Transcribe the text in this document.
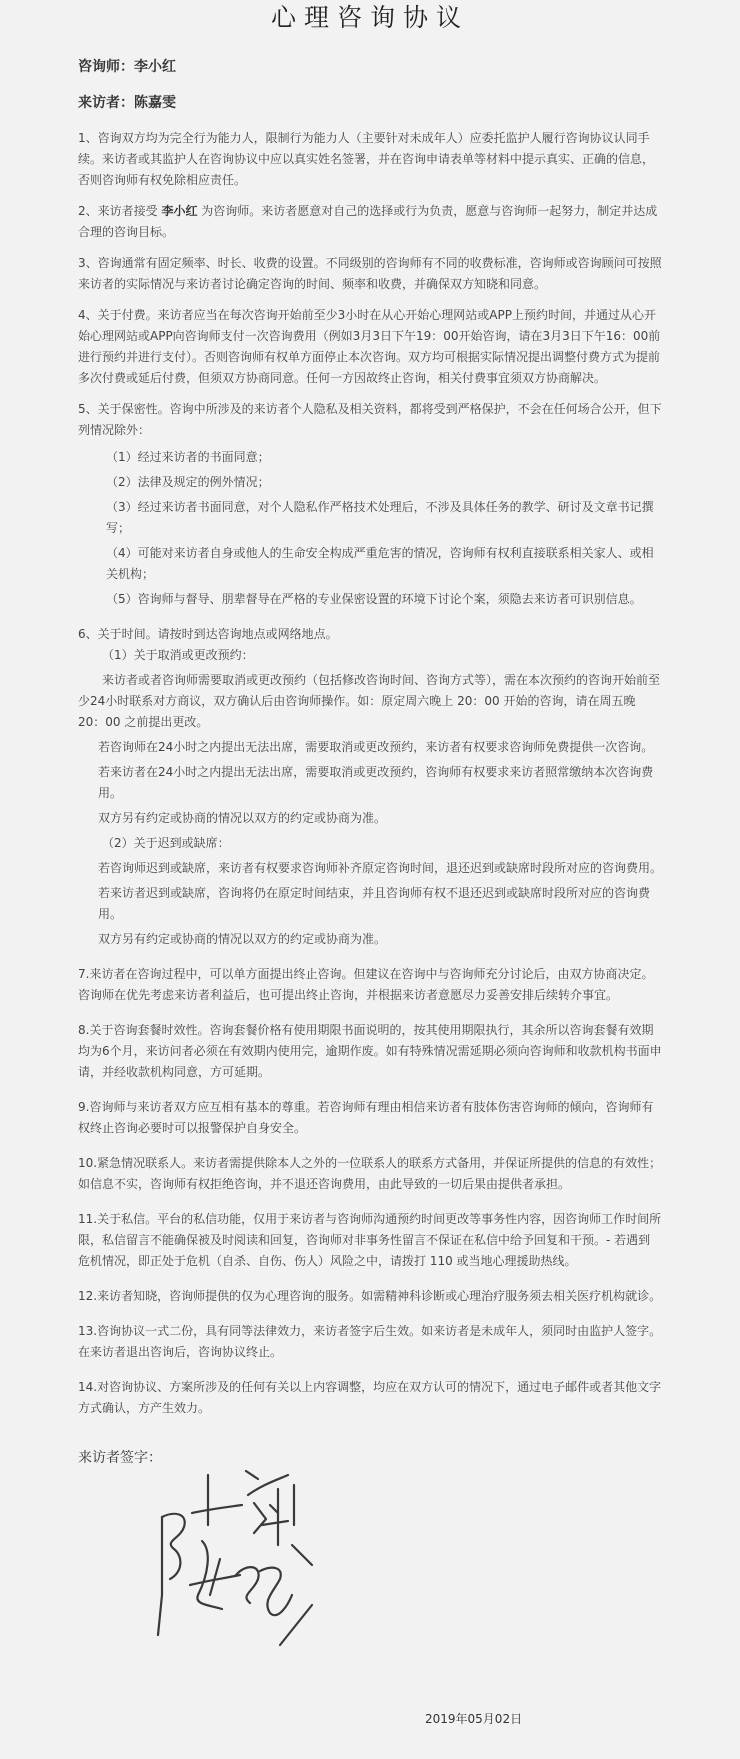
心理咨询协议
咨询师：李小红
来访者：陈嘉雯
1、咨询双方均为完全行为能力人，限制行为能力人（主要针对未成年人）应委托监护人履行咨询协议认同手续。来访者或其监护人在咨询协议中应以真实姓名签署，并在咨询申请表单等材料中提示真实、正确的信息，否则咨询师有权免除相应责任。
2、来访者接受 李小红 为咨询师。来访者愿意对自己的选择或行为负责，愿意与咨询师一起努力，制定并达成合理的咨询目标。
3、咨询通常有固定频率、时长、收费的设置。不同级别的咨询师有不同的收费标准，咨询师或咨询顾问可按照来访者的实际情况与来访者讨论确定咨询的时间、频率和收费，并确保双方知晓和同意。
4、关于付费。来访者应当在每次咨询开始前至少3小时在从心开始心理网站或APP上预约时间，并通过从心开始心理网站或APP向咨询师支付一次咨询费用（例如3月3日下午19：00开始咨询，请在3月3日下午16：00前进行预约并进行支付）。否则咨询师有权单方面停止本次咨询。双方均可根据实际情况提出调整付费方式为提前多次付费或延后付费，但须双方协商同意。任何一方因故终止咨询，相关付费事宜须双方协商解决。
5、关于保密性。咨询中所涉及的来访者个人隐私及相关资料，都将受到严格保护，不会在任何场合公开，但下列情况除外：
（1）经过来访者的书面同意；
（2）法律及规定的例外情况；
（3）经过来访者书面同意，对个人隐私作严格技术处理后，不涉及具体任务的教学、研讨及文章书记撰写；
（4）可能对来访者自身或他人的生命安全构成严重危害的情况，咨询师有权利直接联系相关家人、或相关机构；
（5）咨询师与督导、朋辈督导在严格的专业保密设置的环境下讨论个案，须隐去来访者可识别信息。
6、关于时间。请按时到达咨询地点或网络地点。
（1）关于取消或更改预约：
来访者或者咨询师需要取消或更改预约（包括修改咨询时间、咨询方式等），需在本次预约的咨询开始前至少24小时联系对方商议，双方确认后由咨询师操作。如：原定周六晚上 20：00 开始的咨询，请在周五晚 20：00 之前提出更改。
若咨询师在24小时之内提出无法出席，需要取消或更改预约，来访者有权要求咨询师免费提供一次咨询。
若来访者在24小时之内提出无法出席，需要取消或更改预约，咨询师有权要求来访者照常缴纳本次咨询费用。
双方另有约定或协商的情况以双方的约定或协商为准。
（2）关于迟到或缺席：
若咨询师迟到或缺席，来访者有权要求咨询师补齐原定咨询时间，退还迟到或缺席时段所对应的咨询费用。
若来访者迟到或缺席，咨询将仍在原定时间结束，并且咨询师有权不退还迟到或缺席时段所对应的咨询费用。
双方另有约定或协商的情况以双方的约定或协商为准。
7.来访者在咨询过程中，可以单方面提出终止咨询。但建议在咨询中与咨询师充分讨论后，由双方协商决定。咨询师在优先考虑来访者利益后，也可提出终止咨询，并根据来访者意愿尽力妥善安排后续转介事宜。
8.关于咨询套餐时效性。咨询套餐价格有使用期限书面说明的，按其使用期限执行，其余所以咨询套餐有效期均为6个月，来访问者必须在有效期内使用完，逾期作废。如有特殊情况需延期必须向咨询师和收款机构书面申请，并经收款机构同意，方可延期。
9.咨询师与来访者双方应互相有基本的尊重。若咨询师有理由相信来访者有肢体伤害咨询师的倾向，咨询师有权终止咨询必要时可以报警保护自身安全。
10.紧急情况联系人。来访者需提供除本人之外的一位联系人的联系方式备用，并保证所提供的信息的有效性；如信息不实，咨询师有权拒绝咨询，并不退还咨询费用，由此导致的一切后果由提供者承担。
11.关于私信。平台的私信功能，仅用于来访者与咨询师沟通预约时间更改等事务性内容，因咨询师工作时间所限，私信留言不能确保被及时阅读和回复，咨询师对非事务性留言不保证在私信中给予回复和干预。- 若遇到危机情况，即正处于危机（自杀、自伤、伤人）风险之中，请拨打 110 或当地心理援助热线。
12.来访者知晓，咨询师提供的仅为心理咨询的服务。如需精神科诊断或心理治疗服务须去相关医疗机构就诊。
13.咨询协议一式二份，具有同等法律效力，来访者签字后生效。如来访者是未成年人，须同时由监护人签字。在来访者退出咨询后，咨询协议终止。
14.对咨询协议、方案所涉及的任何有关以上内容调整，均应在双方认可的情况下，通过电子邮件或者其他文字方式确认，方产生效力。
来访者签字：
2019年05月02日
